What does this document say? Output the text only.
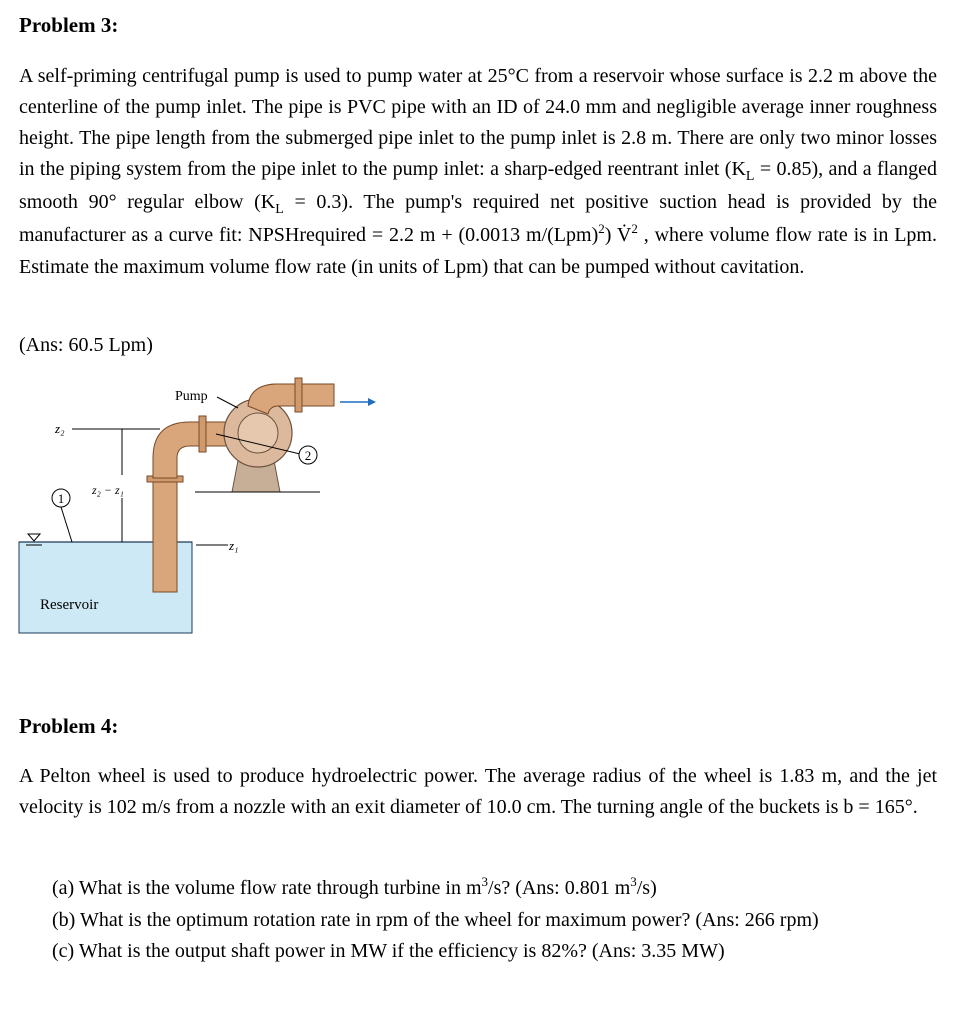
Problem 3:

A self-priming centrifugal pump is used to pump water at 25°C from a reservoir whose surface is 2.2 m above the centerline of the pump inlet. The pipe is PVC pipe with an ID of 24.0 mm and negligible average inner roughness height. The pipe length from the submerged pipe inlet to the pump inlet is 2.8 m. There are only two minor losses in the piping system from the pipe inlet to the pump inlet: a sharp-edged reentrant inlet $(K_L = 0.85)$, and a flanged smooth 90° regular elbow $(K_L = 0.3)$. The pump's required net positive suction head is provided by the manufacturer as a curve fit: NPSHrequired = 2.2 m + (0.0013 m/(Lpm)$^2$) V̇$^2$ , where volume flow rate is in Lpm. Estimate the maximum volume flow rate (in units of Lpm) that can be pumped without cavitation.

(Ans: 60.5 Lpm)
1
z₂
z₂ − z₁
Pump
2
z₁
Reservoir
Problem 4:

A Pelton wheel is used to produce hydroelectric power. The average radius of the wheel is 1.83 m, and the jet velocity is 102 m/s from a nozzle with an exit diameter of 10.0 cm. The turning angle of the buckets is b = 165°.

(a) What is the volume flow rate through turbine in $m^3/s$? (Ans: 0.801 $m^3/s$)
(b) What is the optimum rotation rate in rpm of the wheel for maximum power? (Ans: 266 rpm)
(c) What is the output shaft power in MW if the efficiency is 82%? (Ans: 3.35 MW)
